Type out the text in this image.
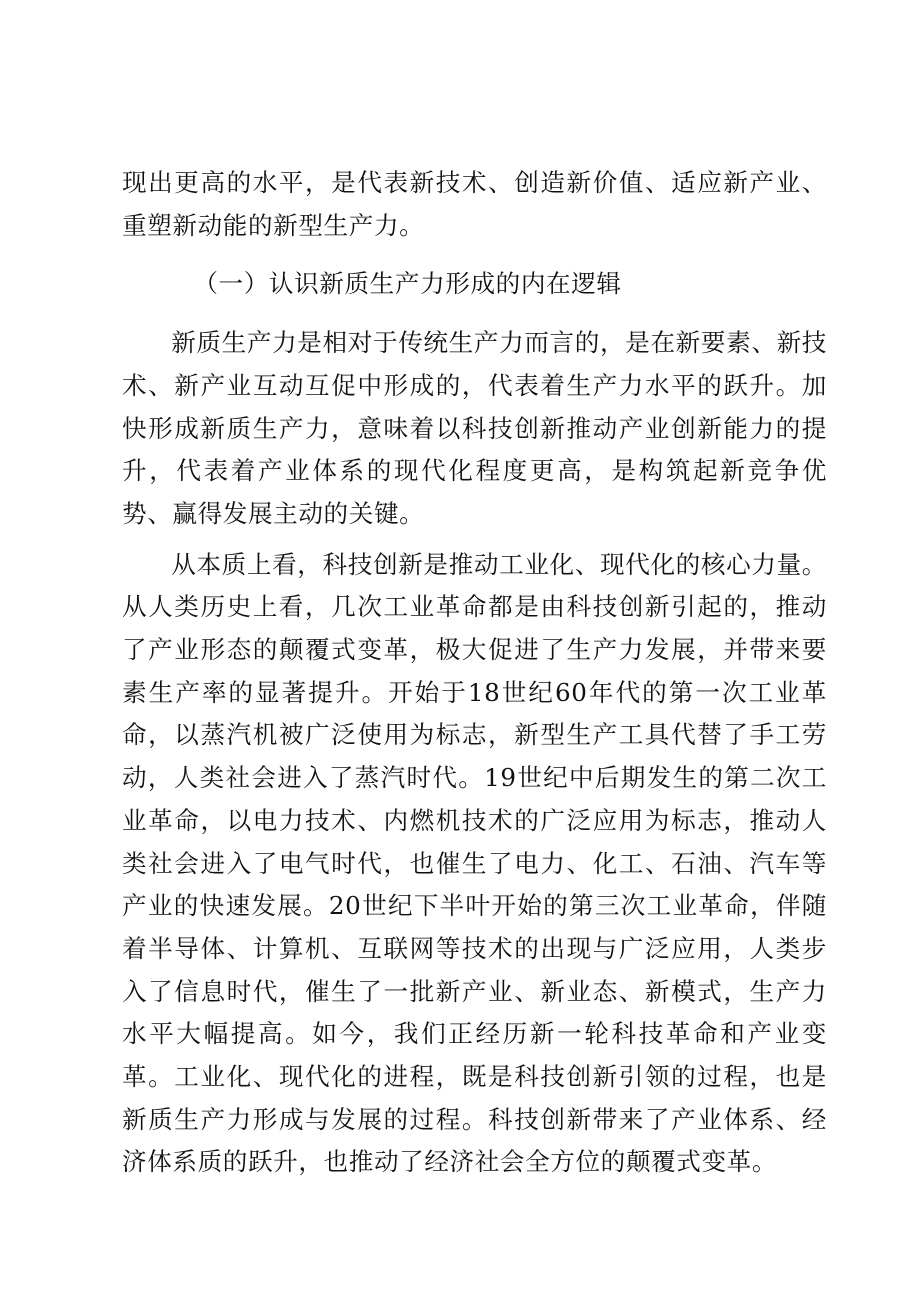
现出更高的水平，是代表新技术、创造新价值、适应新产业、重塑新动能的新型生产力。

（一）认识新质生产力形成的内在逻辑

新质生产力是相对于传统生产力而言的，是在新要素、新技术、新产业互动互促中形成的，代表着生产力水平的跃升。加快形成新质生产力，意味着以科技创新推动产业创新能力的提升，代表着产业体系的现代化程度更高，是构筑起新竞争优势、赢得发展主动的关键。

从本质上看，科技创新是推动工业化、现代化的核心力量。从人类历史上看，几次工业革命都是由科技创新引起的，推动了产业形态的颠覆式变革，极大促进了生产力发展，并带来要素生产率的显著提升。开始于18世纪60年代的第一次工业革命，以蒸汽机被广泛使用为标志，新型生产工具代替了手工劳动，人类社会进入了蒸汽时代。19世纪中后期发生的第二次工业革命，以电力技术、内燃机技术的广泛应用为标志，推动人类社会进入了电气时代，也催生了电力、化工、石油、汽车等产业的快速发展。20世纪下半叶开始的第三次工业革命，伴随着半导体、计算机、互联网等技术的出现与广泛应用，人类步入了信息时代，催生了一批新产业、新业态、新模式，生产力水平大幅提高。如今，我们正经历新一轮科技革命和产业变革。工业化、现代化的进程，既是科技创新引领的过程，也是新质生产力形成与发展的过程。科技创新带来了产业体系、经济体系质的跃升，也推动了经济社会全方位的颠覆式变革。
